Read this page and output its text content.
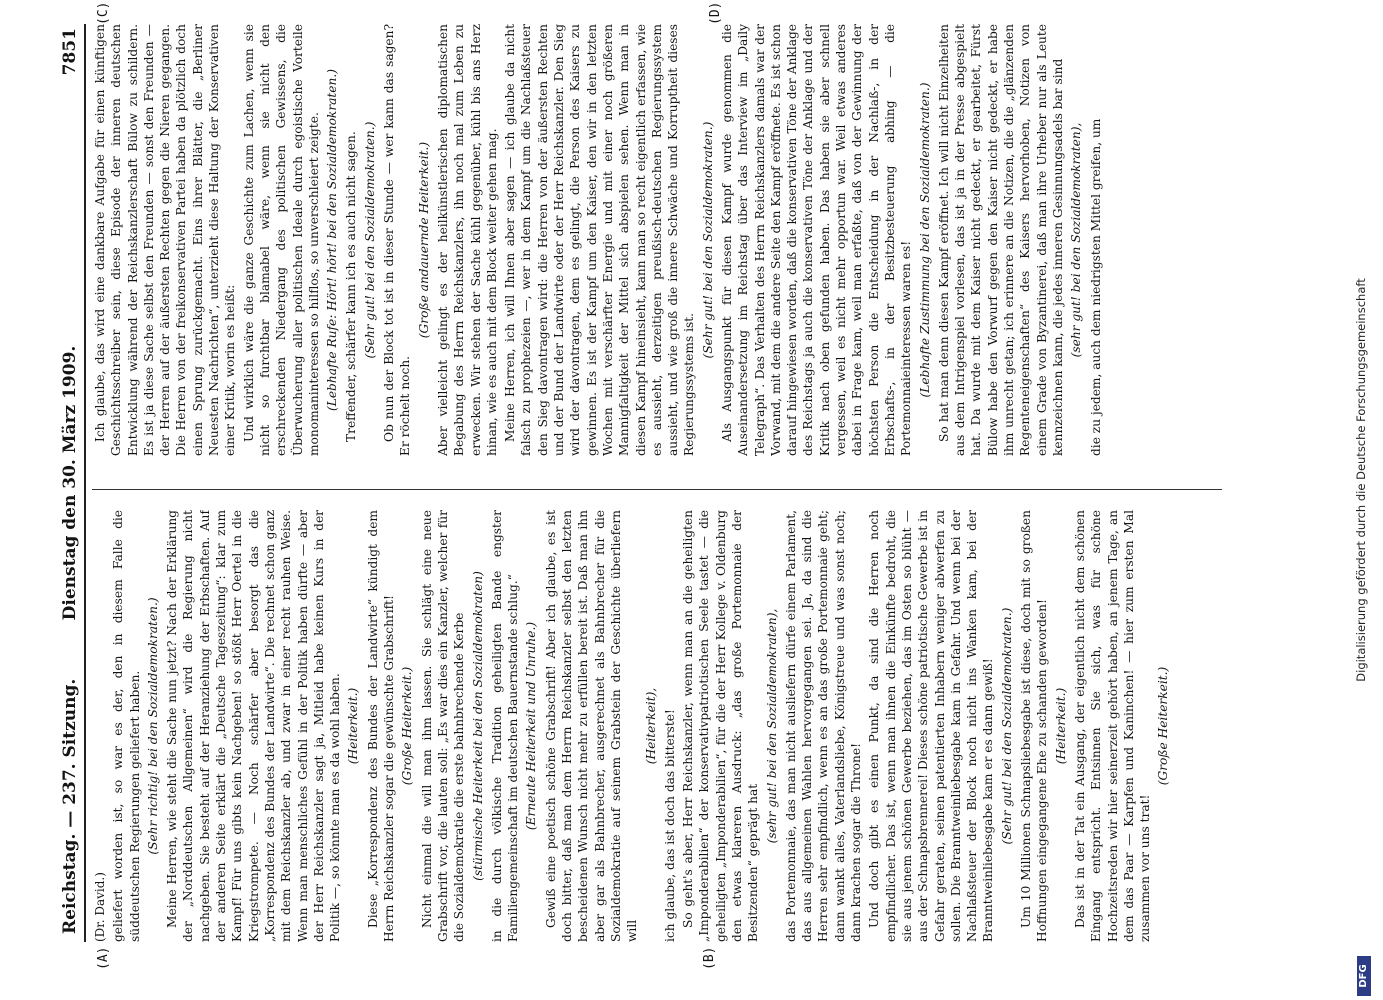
Reichstag. — 237. Sitzung.
Dienstag den 30. März 1909.
7851
(A)	(B)
(C)	(D)
(Dr. David.) geliefert worden ist, so war es der, den in diesem Falle die süddeutschen Regierungen geliefert haben. (Sehr richtig! bei den Sozialdemokraten.) Meine Herren, wie steht die Sache nun jetzt? Nach der Erklärung der „Norddeutschen Allgemeinen“ wird die Regierung nicht nachgeben. Sie besteht auf der Heranziehung der Erbschaften. Auf der anderen Seite erklärt die „Deutsche Tageszeitung“: klar zum Kampf! Für uns gibts kein Nachgeben! so stößt Herr Oertel in die Kriegstrompete. — Noch schärfer aber besorgt das die „Korrespondenz des Bundes der Landwirte“. Die rechnet schon ganz mit dem Reichskanzler ab, und zwar in einer recht rauhen Weise. Wenn man menschliches Gefühl in der Politik haben dürfte — aber der Herr Reichskanzler sagt ja, Mitleid habe keinen Kurs in der Politik —, so könnte man es da wohl haben. (Heiterkeit.) Diese „Korrespondenz des Bundes der Landwirte“ kündigt dem Herrn Reichskanzler sogar die gewünschte Grabschrift! (Große Heiterkeit.) Nicht einmal die will man ihm lassen. Sie schlägt eine neue Grabschrift vor, die lauten soll: „Es war dies ein Kanzler, welcher für die Sozialdemokratie die erste bahnbrechende Kerbe (stürmische Heiterkeit bei den Sozialdemokraten) in die durch völkische Tradition geheiligten Bande engster Familiengemeinschaft im deutschen Bauernstande schlug.“ (Erneute Heiterkeit und Unruhe.) Gewiß eine poetisch schöne Grabschrift! Aber ich glaube, es ist doch bitter, daß man dem Herrn Reichskanzler selbst den letzten bescheidenen Wunsch nicht mehr zu erfüllen bereit ist. Daß man ihn aber gar als Bahnbrecher, ausgerechnet als Bahnbrecher für die Sozialdemokratie auf seinem Grabstein der Geschichte überliefern will

(Heiterkeit), ich glaube, das ist doch das bitterste! So geht's aber, Herr Reichskanzler, wenn man an die geheiligten „Imponderabilien“ der konservativpatriotischen Seele tastet — die geheiligten „Imponderabilien“, für die der Herr Kollege v. Oldenburg den etwas klareren Ausdruck: „das große Portemonnaie der Besitzenden“ geprägt hat

(sehr gut! bei den Sozialdemokraten), das Portemonnaie, das man nicht ausliefern dürfe einem Parlament, das aus allgemeinen Wahlen hervorgegangen sei. Ja, da sind die Herren sehr empfindlich, wenn es an das große Portemonnaie geht; dann wankt alles, Vaterlandsliebe, Königstreue und was sonst noch; dann krachen sogar die Throne! Und doch gibt es einen Punkt, da sind die Herren noch empfindlicher. Das ist, wenn man ihnen die Einkünfte bedroht, die sie aus jenem schönen Gewerbe beziehen, das im Osten so blüht — aus der Schnapsbrennerei! Dieses schöne patriotische Gewerbe ist in Gefahr geraten, seinen patentierten Inhabern weniger abwerfen zu sollen. Die Branntweinliebesgabe kam in Gefahr. Und wenn bei der Nachlaßsteuer der Block noch nicht ins Wanken kam, bei der Branntweinliebesgabe kam er es dann gewiß! (Sehr gut! bei den Sozialdemokraten.) Um 10 Millionen Schnapsliebesgabe ist diese, doch mit so großen Hoffnungen eingegangene Ehe zu schanden geworden! (Heiterkeit.) Das ist in der Tat ein Ausgang, der eigentlich nicht dem schönen Eingang entspricht. Entsinnen Sie sich, was für schöne Hochzeitsreden wir hier seinerzeit gehört haben, an jenem Tage, an dem das Paar — Karpfen und Kaninchen! — hier zum ersten Mal zusammen vor uns trat!

(Große Heiterkeit.)

Ich glaube, das wird eine dankbare Aufgabe für einen künftigen Geschichtsschreiber sein, diese Episode der inneren deutschen Entwicklung während der Reichskanzlerschaft Bülow zu schildern. Es ist ja diese Sache selbst den Freunden — sonst den Freunden — der Herren auf der äußersten Rechten gegen die Nieren gegangen. Die Herren von der freikonservativen Partei haben da plötzlich doch einen Sprung zurückgemacht. Eins ihrer Blätter, die „Berliner Neuesten Nachrichten“, unterzieht diese Haltung der Konservativen einer Kritik, worin es heißt: Und wirklich wäre die ganze Geschichte zum Lachen, wenn sie nicht so furchtbar blamabel wäre, wenn sie nicht den erschreckenden Niedergang des politischen Gewissens, die Überwucherung aller politischen Ideale durch egoistische Vorteile monomaninteressen so hilflos, so unverschleiert zeigte. (Lebhafte Rufe: Hört! hört! bei den Sozialdemokraten.) Treffender, schärfer kann ich es auch nicht sagen. (Sehr gut! bei den Sozialdemokraten.) Ob nun der Block tot ist in dieser Stunde — wer kann das sagen? Er röchelt noch.

(Große andauernde Heiterkeit.) Aber vielleicht gelingt es der heilkünstlerischen diplomatischen Begabung des Herrn Reichskanzlers, ihn noch mal zum Leben zu erwecken. Wir stehen der Sache kühl gegenüber, kühl bis ans Herz hinan, wie es auch mit dem Block weiter gehen mag. Meine Herren, ich will Ihnen aber sagen — ich glaube da nicht falsch zu prophezeien —, wer in dem Kampf um die Nachlaßsteuer den Sieg davontragen wird: die Herren von der äußersten Rechten und der Bund der Landwirte oder der Herr Reichskanzler. Den Sieg wird der davontragen, dem es gelingt, die Person des Kaisers zu gewinnen. Es ist der Kampf um den Kaiser, den wir in den letzten Wochen mit verschärfter Energie und mit einer noch größeren Mannigfaltigkeit der Mittel sich abspielen sehen. Wenn man in diesen Kampf hineinsieht, kann man so recht eigentlich erfassen, wie es aussieht, derzeitigen preußisch-deutschen Regierungssystem aussieht, und wie groß die innere Schwäche und Korruptheit dieses Regierungssystems ist.

(Sehr gut! bei den Sozialdemokraten.) Als Ausgangspunkt für diesen Kampf wurde genommen die Auseinandersetzung im Reichstag über das Interview im „Daily Telegraph“. Das Verhalten des Herrn Reichskanzlers damals war der Vorwand, mit dem die andere Seite den Kampf eröffnete. Es ist schon darauf hingewiesen worden, daß die konservativen Töne der Anklage des Reichstags ja auch die konservativen Töne der Anklage und der Kritik nach oben gefunden haben. Das haben sie aber schnell vergessen, weil es nicht mehr opportun war. Weil etwas anderes dabei in Frage kam, weil man erfaßte, daß von der Gewinnung der höchsten Person die Entscheidung in der Nachlaß-, in der Erbschafts-, in der Besitzbesteuerung abhing — die Portemonnaieinteressen waren es! (Lebhafte Zustimmung bei den Sozialdemokraten.) So hat man denn diesen Kampf eröffnet. Ich will nicht Einzelheiten aus dem Intrigenspiel vorlesen, das ist ja in der Presse abgespielt hat. Da wurde mit dem Kaiser nicht gedeckt, er gearbeitet, Fürst Bülow habe den Vorwurf gegen den Kaiser nicht gedeckt, er habe ihm unrecht getan; ich erinnere an die Notizen, die die „glänzenden Regenteneigenschaften“ des Kaisers hervorhoben, Notizen von einem Grade von Byzantinerei, daß man ihre Urheber nur als Leute kennzeichnen kann, die jedes inneren Gesinnungsadels bar sind (sehr gut! bei den Sozialdemokraten), die zu jedem, auch dem niedrigsten Mittel greifen, um	Digitalisierung gefördert durch die Deutsche Forschungsgemeinschaft
DFG
